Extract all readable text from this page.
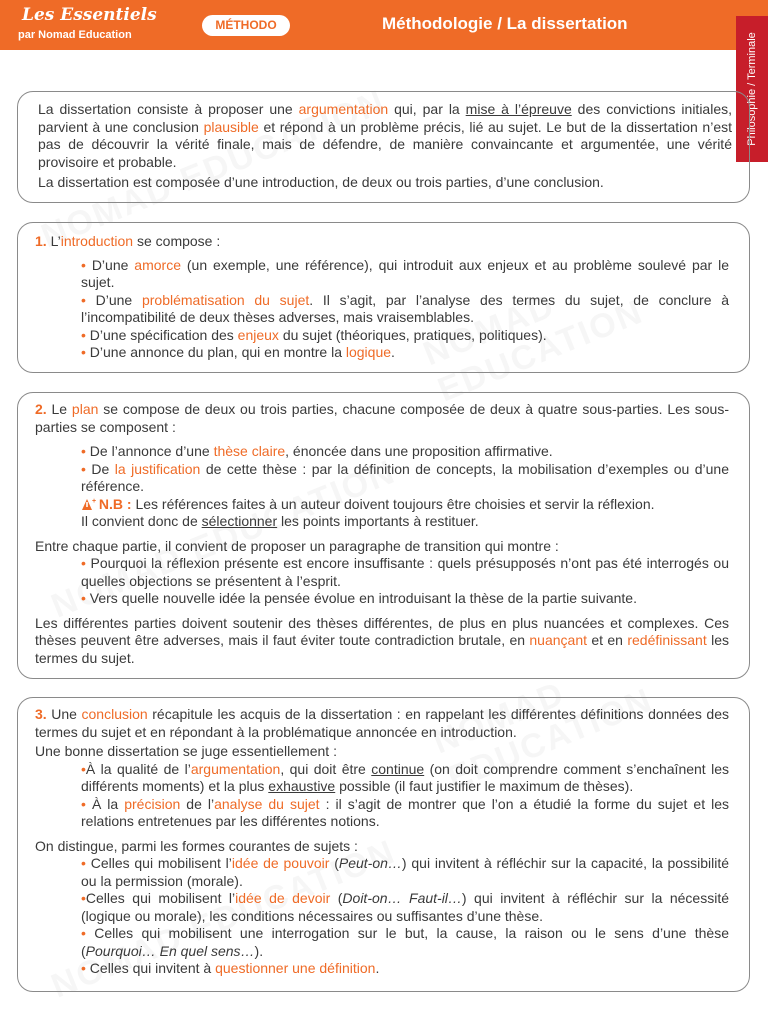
Les Essentiels
par Nomad Education
MÉTHODO	Méthodologie / La dissertation
Philosophie / Terminale

La dissertation consiste à proposer une argumentation qui, par la mise à l’épreuve des convictions initiales, parvient à une conclusion plausible et répond à un problème précis, lié au sujet. Le but de la dissertation n’est pas de découvrir la vérité finale, mais de défendre, de manière convaincante et argumentée, une vérité provisoire et probable.

La dissertation est composée d’une introduction, de deux ou trois parties, d’une conclusion.

1. L’introduction se compose :

• D’une amorce (un exemple, une référence), qui introduit aux enjeux et au problème soulevé par le sujet.

• D’une problématisation du sujet. Il s’agit, par l’analyse des termes du sujet, de conclure à l’incompatibilité de deux thèses adverses, mais vraisemblables.

• D’une spécification des enjeux du sujet (théoriques, pratiques, politiques).

• D’une annonce du plan, qui en montre la logique.

2. Le plan se compose de deux ou trois parties, chacune composée de deux à quatre sous-parties. Les sous-parties se composent :

• De l’annonce d’une thèse claire, énoncée dans une proposition affirmative.

• De la justification de cette thèse : par la définition de concepts, la mobilisation d’exemples ou d’une référence.

+ N.B : Les références faites à un auteur doivent toujours être choisies et servir la réflexion.
Il convient donc de sélectionner les points importants à restituer.

Entre chaque partie, il convient de proposer un paragraphe de transition qui montre :

• Pourquoi la réflexion présente est encore insuffisante : quels présupposés n’ont pas été interrogés ou quelles objections se présentent à l’esprit.

• Vers quelle nouvelle idée la pensée évolue en introduisant la thèse de la partie suivante.

Les différentes parties doivent soutenir des thèses différentes, de plus en plus nuancées et complexes. Ces thèses peuvent être adverses, mais il faut éviter toute contradiction brutale, en nuançant et en redéfinissant les termes du sujet.

3. Une conclusion récapitule les acquis de la dissertation : en rappelant les différentes définitions données des termes du sujet et en répondant à la problématique annoncée en introduction.

Une bonne dissertation se juge essentiellement :

•À la qualité de l’argumentation, qui doit être continue (on doit comprendre comment s’enchaînent les différents moments) et la plus exhaustive possible (il faut justifier le maximum de thèses).

• À la précision de l’analyse du sujet : il s’agit de montrer que l’on a étudié la forme du sujet et les relations entretenues par les différentes notions.

On distingue, parmi les formes courantes de sujets :

• Celles qui mobilisent l’idée de pouvoir (Peut-on…) qui invitent à réfléchir sur la capacité, la possibilité ou la permission (morale).

•Celles qui mobilisent l’idée de devoir (Doit-on… Faut-il…) qui invitent à réfléchir sur la nécessité (logique ou morale), les conditions nécessaires ou suffisantes d’une thèse.

• Celles qui mobilisent une interrogation sur le but, la cause, la raison ou le sens d’une thèse (Pourquoi… En quel sens…).

• Celles qui invitent à questionner une définition.
